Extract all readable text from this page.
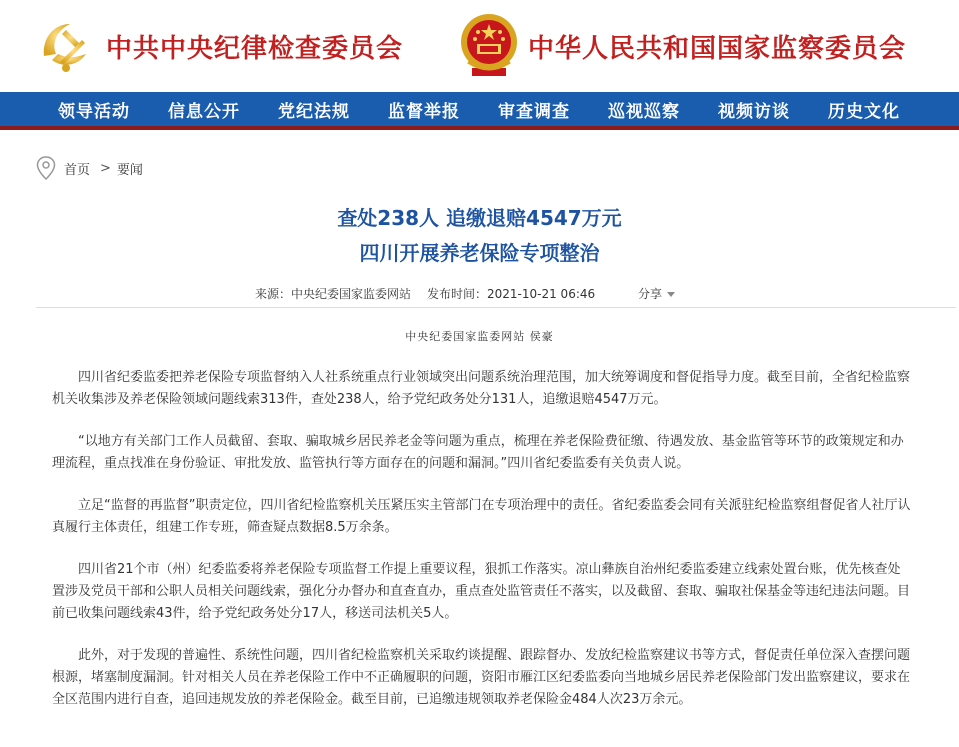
中共中央纪律检查委员会	中华人民共和国国家监察委员会
领导活动 信息公开 党纪法规 监督举报 审查调查 巡视巡察 视频访谈 历史文化
首页 > 要闻
查处238人 追缴退赔4547万元
四川开展养老保险专项整治
来源：中央纪委国家监委网站 发布时间：2021-10-21 06:46	分享
中央纪委国家监委网站 侯豪

四川省纪委监委把养老保险专项监督纳入人社系统重点行业领域突出问题系统治理范围，加大统筹调度和督促指导力度。截至目前，全省纪检监察机关收集涉及养老保险领域问题线索313件，查处238人，给予党纪政务处分131人，追缴退赔4547万元。

“以地方有关部门工作人员截留、套取、骗取城乡居民养老金等问题为重点，梳理在养老保险费征缴、待遇发放、基金监管等环节的政策规定和办理流程，重点找准在身份验证、审批发放、监管执行等方面存在的问题和漏洞。”四川省纪委监委有关负责人说。

立足“监督的再监督”职责定位，四川省纪检监察机关压紧压实主管部门在专项治理中的责任。省纪委监委会同有关派驻纪检监察组督促省人社厅认真履行主体责任，组建工作专班，筛查疑点数据8.5万余条。

四川省21个市（州）纪委监委将养老保险专项监督工作提上重要议程，狠抓工作落实。凉山彝族自治州纪委监委建立线索处置台账，优先核查处置涉及党员干部和公职人员相关问题线索，强化分办督办和直查直办，重点查处监管责任不落实，以及截留、套取、骗取社保基金等违纪违法问题。目前已收集问题线索43件，给予党纪政务处分17人，移送司法机关5人。

此外，对于发现的普遍性、系统性问题，四川省纪检监察机关采取约谈提醒、跟踪督办、发放纪检监察建议书等方式，督促责任单位深入查摆问题根源，堵塞制度漏洞。针对相关人员在养老保险工作中不正确履职的问题，资阳市雁江区纪委监委向当地城乡居民养老保险部门发出监察建议，要求在全区范围内进行自查，追回违规发放的养老保险金。截至目前，已追缴违规领取养老保险金484人次23万余元。
